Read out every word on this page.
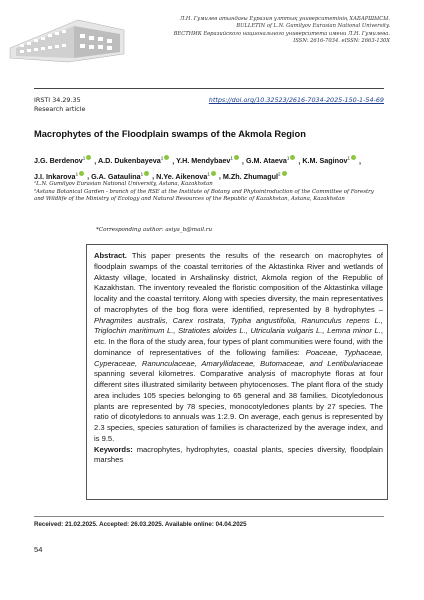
Л.Н. Гумилев атындағы Еуразия ұлттық университетінің ХАБАРШЫСЫ.
BULLETIN of L.N. Gumilyov Eurasian National University.
ВЕСТНИК Евразийского национального университета имени Л.Н. Гумилева.
ISSN: 2616-7034. eISSN: 2663-130X
IRSTI 34.29.35
Research article
https://doi.org/10.32523/2616-7034-2025-150-1-54-69
Macrophytes of the Floodplain swamps of the Akmola Region
J.G. Berdenov$^1$ , A.D. Dukenbayeva$^1$ , Y.H. Mendybaev$^1$ , G.M. Ataeva$^1$ , K.M. Saginov$^1$ , J.I. Inkarova$^1$ , G.A. Gataulina$^1$ , N.Ye. Aikenova$^1$ , M.Zh. Zhumagul$^2$

¹L.N. Gumilyov Eurasian National University, Astana, Kazakhstan

²Astana Botanical Garden - branch of the RSE at the Institute of Botany and Phytointroduction of the Committee of Forestry and Wildlife of the Ministry of Ecology and Natural Resources of the Republic of Kazakhstan, Astana, Kazakhstan

*Corresponding author: asiya_b@mail.ru
Abstract. This paper presents the results of the research on macrophytes of floodplain swamps of the coastal territories of the Aktastinka River and wetlands of Aktasty village, located in Arshalinsky district, Akmola region of the Republic of Kazakhstan. The inventory revealed the floristic composition of the Aktastinka village locality and the coastal territory. Along with species diversity, the main representatives of macrophytes of the bog flora were identified, represented by 8 hydrophytes – Phragmites australis, Carex rostrata, Typha angustifolia, Ranunculus repens L., Triglochin maritimum L., Stratiotes aloides L., Utricularia vulgaris L., Lemna minor L., etc. In the flora of the study area, four types of plant communities were found, with the dominance of representatives of the following families: Poaceae, Typhaceae, Cyperaceae, Ranunculaceae, Amaryllidaceae, Butomaceae, and Lentibulariaceae spanning several kilometres. Comparative analysis of macrophyte floras at four different sites illustrated similarity between phytocenoses. The plant flora of the study area includes 105 species belonging to 65 general and 38 families. Dicotyledonous plants are represented by 78 species, monocotyledones plants by 27 species. The ratio of dicotyledons to annuals was 1:2.9. On average, each genus is represented by 2.3 species, species saturation of families is characterized by the average index, and is 9.5.
Keywords: macrophytes, hydrophytes, coastal plants, species diversity, floodplain marshes
Received: 21.02.2025. Accepted: 26.03.2025. Available online: 04.04.2025
54
